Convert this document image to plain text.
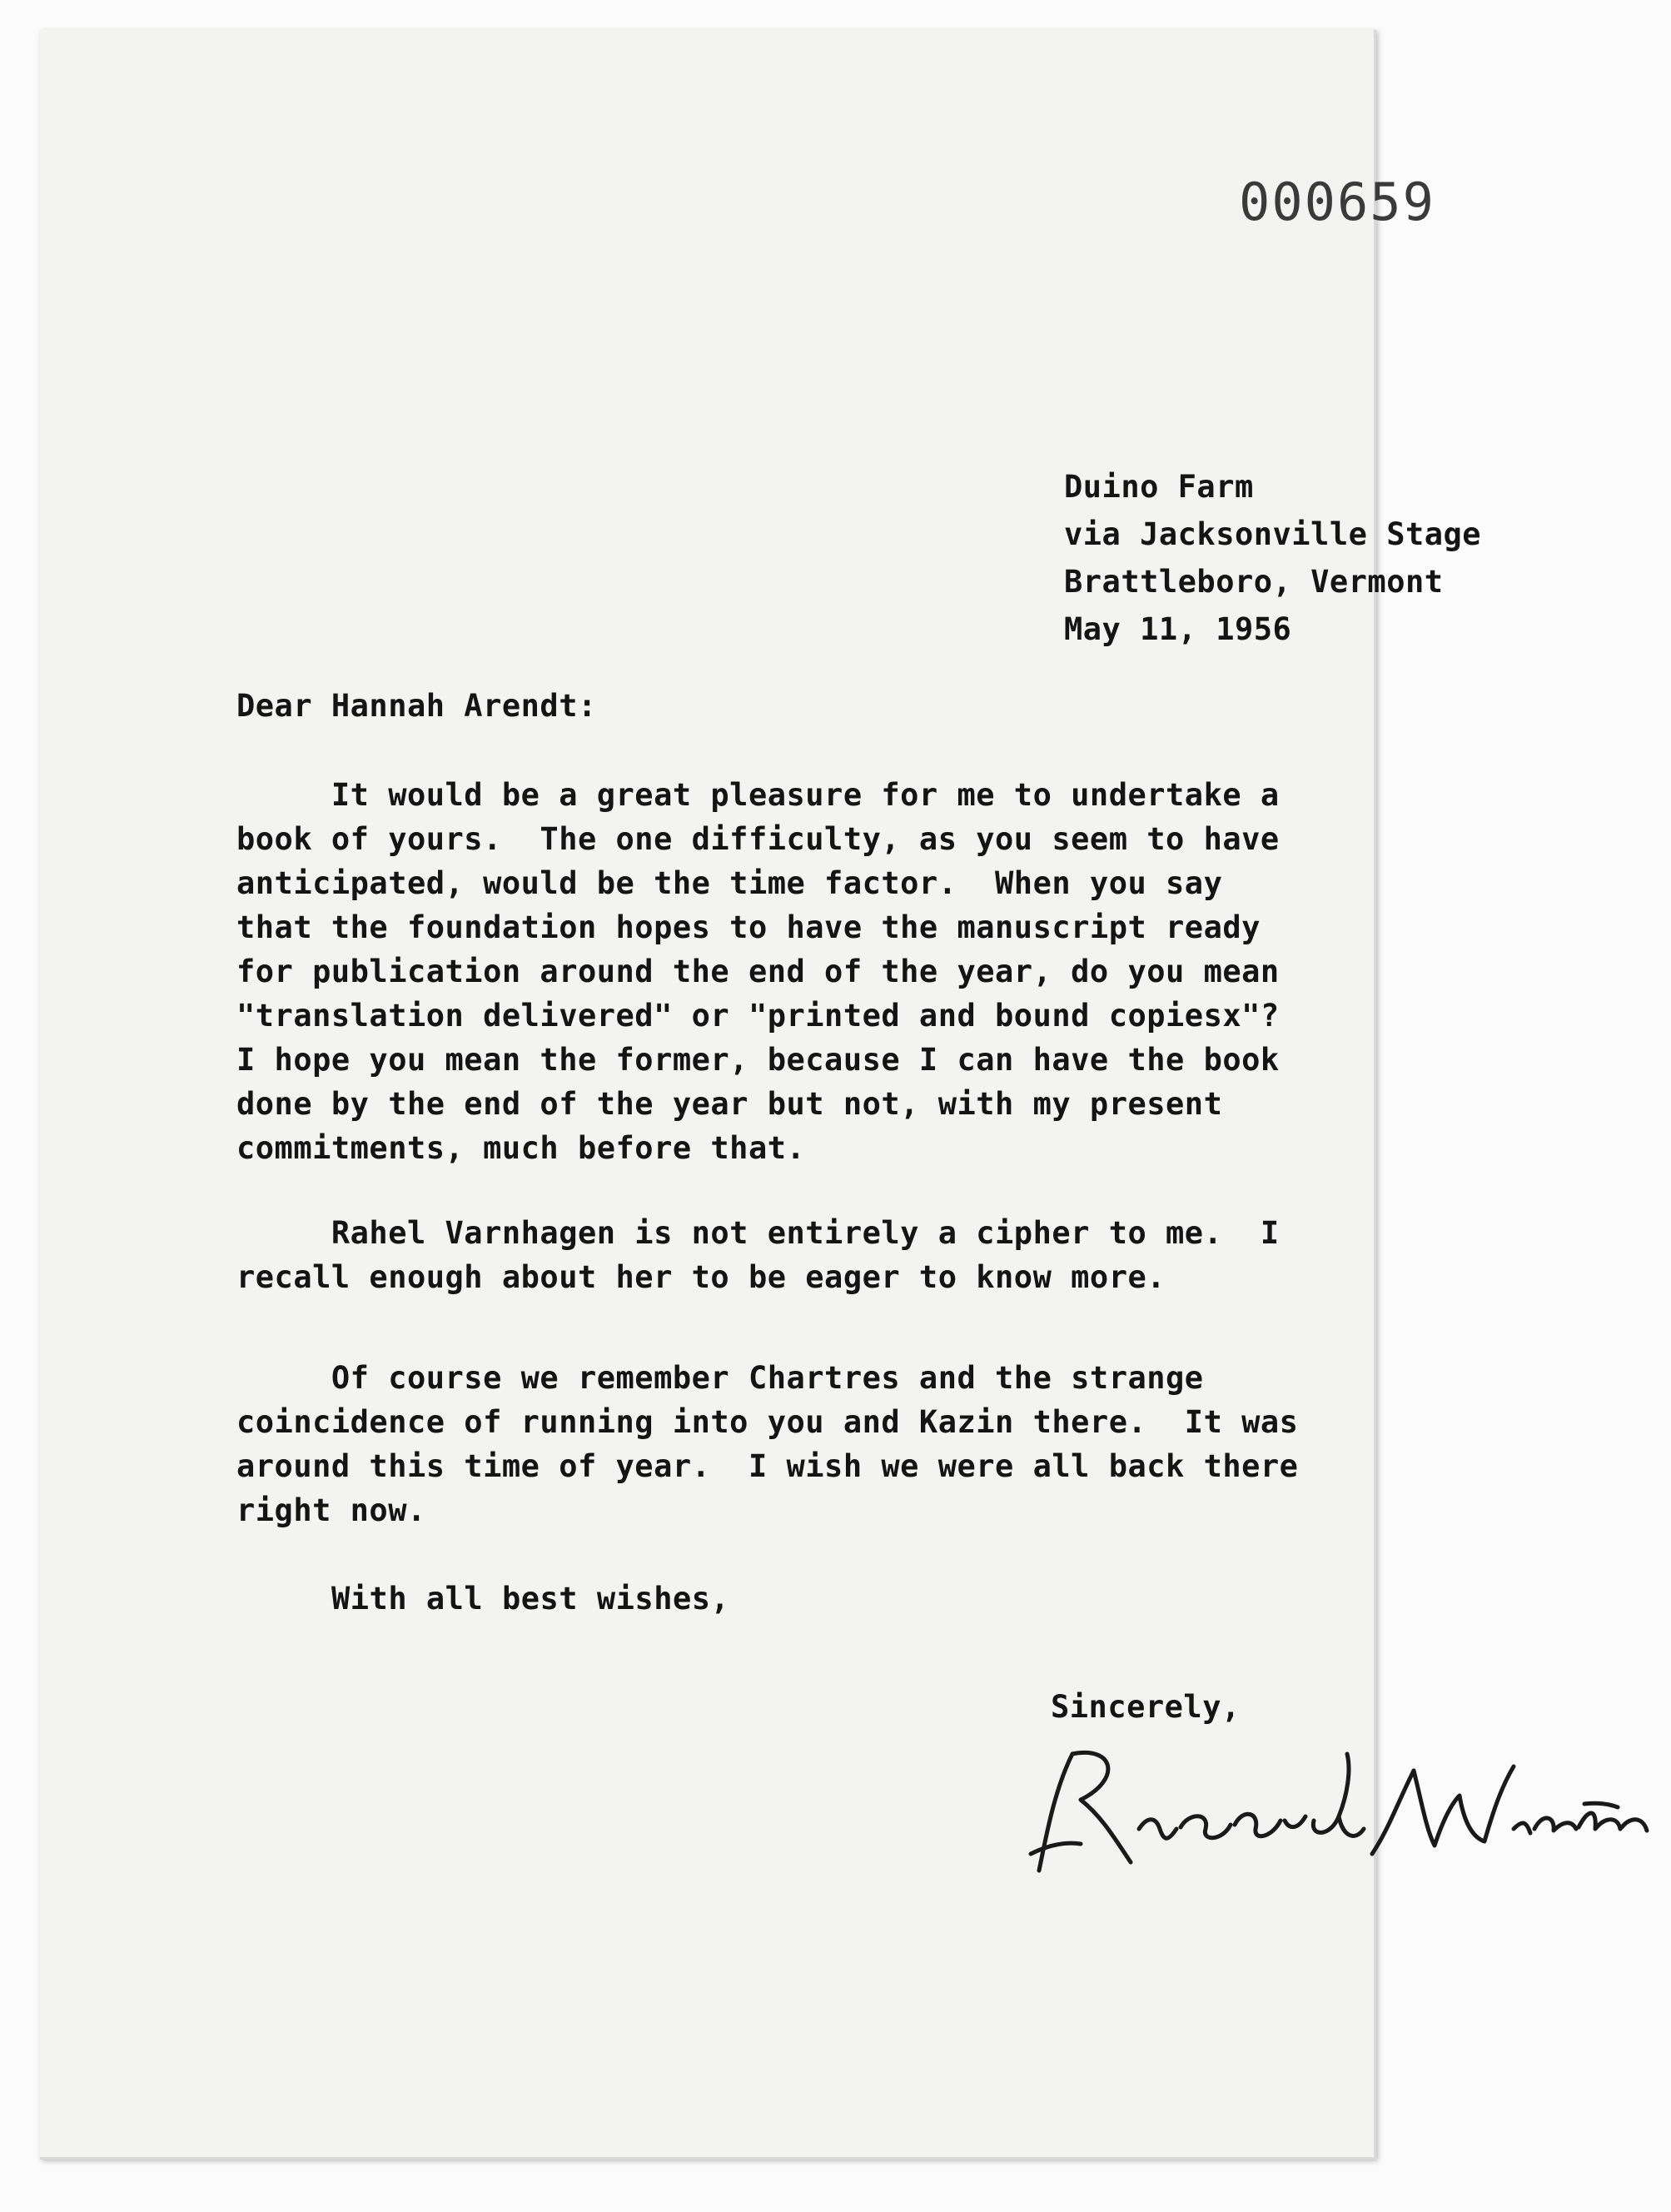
000659
Duino Farm
via Jacksonville Stage
Brattleboro, Vermont
May 11, 1956
Dear Hannah Arendt:
It would be a great pleasure for me to undertake a
book of yours.  The one difficulty, as you seem to have
anticipated, would be the time factor.  When you say
that the foundation hopes to have the manuscript ready
for publication around the end of the year, do you mean
"translation delivered" or "printed and bound copiesx"?
I hope you mean the former, because I can have the book
done by the end of the year but not, with my present
commitments, much before that.
Rahel Varnhagen is not entirely a cipher to me.  I
recall enough about her to be eager to know more.
Of course we remember Chartres and the strange
coincidence of running into you and Kazin there.  It was
around this time of year.  I wish we were all back there
right now.
With all best wishes,
Sincerely,
